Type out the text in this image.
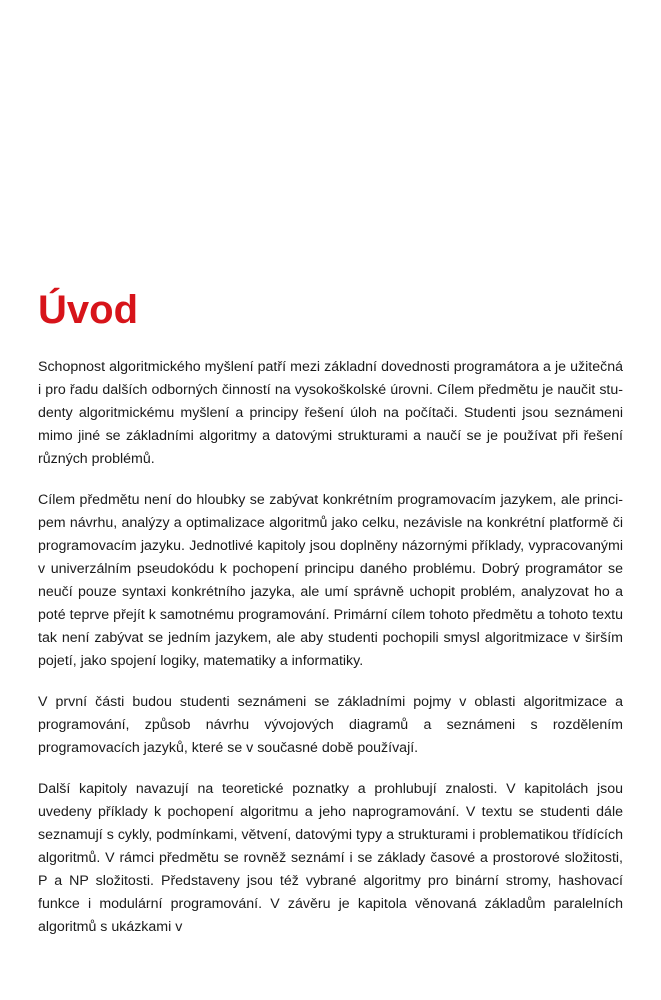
Úvod

Schopnost algoritmického myšlení patří mezi základní dovednosti programátora a je užitečná i pro řadu dalších odborných činností na vysokoškolské úrovni. Cílem předmětu je naučit studenty algoritmickému myšlení a principy řešení úloh na počítači. Studenti jsou seznámeni mimo jiné se základními algoritmy a datovými strukturami a naučí se je používat při řešení různých problémů.

Cílem předmětu není do hloubky se zabývat konkrétním programovacím jazykem, ale principem návrhu, analýzy a optimalizace algoritmů jako celku, nezávisle na konkrétní platformě či programovacím jazyku. Jednotlivé kapitoly jsou doplněny názornými příklady, vypracovanými v univerzálním pseudokódu k pochopení principu daného problému. Dobrý programátor se neučí pouze syntaxi konkrétního jazyka, ale umí správně uchopit problém, analyzovat ho a poté teprve přejít k samotnému programování. Primární cílem tohoto předmětu a tohoto textu tak není zabývat se jedním jazykem, ale aby studenti pochopili smysl algoritmizace v širším pojetí, jako spojení logiky, matematiky a informatiky.

V první části budou studenti seznámeni se základními pojmy v oblasti algoritmizace a programování, způsob návrhu vývojových diagramů a seznámeni s rozdělením programovacích jazyků, které se v současné době používají.

Další kapitoly navazují na teoretické poznatky a prohlubují znalosti. V kapitolách jsou uvedeny příklady k pochopení algoritmu a jeho naprogramování. V textu se studenti dále seznamují s cykly, podmínkami, větvení, datovými typy a strukturami i problematikou třídících algoritmů. V rámci předmětu se rovněž seznámí i se základy časové a prostorové složitosti, P a NP složitosti. Představeny jsou též vybrané algoritmy pro binární stromy, hashovací funkce i modulární programování. V závěru je kapitola věnovaná základům paralelních algoritmů s ukázkami v
